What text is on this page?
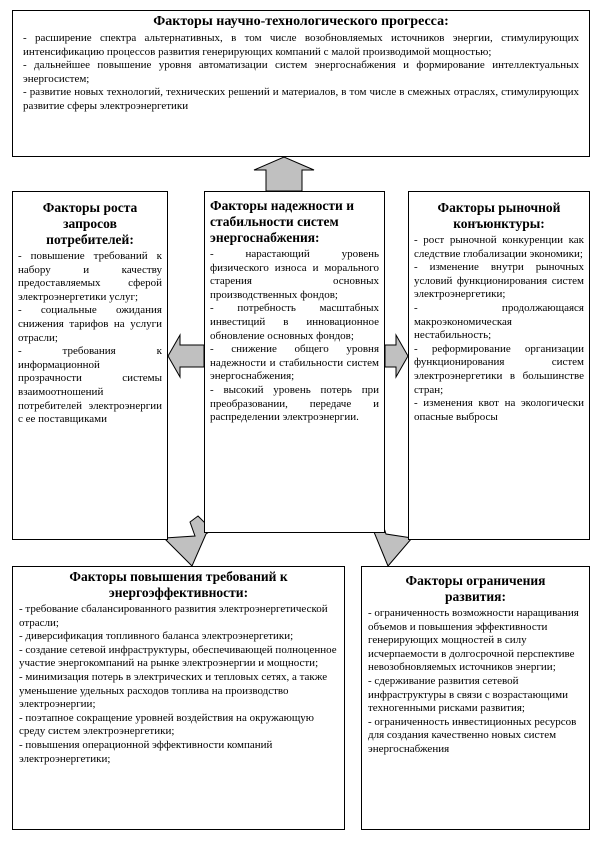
Факторы научно-технологического прогресса:
- расширение спектра альтернативных, в том числе возобновляемых источников энергии, стимулирующих интенсификацию процессов развития генерирующих компаний с малой производимой мощностью;
- дальнейшее повышение уровня автоматизации систем энергоснабжения и формирование интеллектуальных энергосистем;
- развитие новых технологий, технических решений и материалов, в том числе в смежных отраслях, стимулирующих развитие сферы электроэнергетики
Факторы роста запросов потребителей:
- повышение требований к набору и качеству предоставляемых сферой электроэнергетики услуг;
- социальные ожидания снижения тарифов на услуги отрасли;
- требования к информационной прозрачности системы взаимоотношений потребителей электроэнергии с ее поставщиками
Факторы надежности и стабильности систем энергоснабжения:
- нарастающий уровень физического износа и морального старения основных производственных фондов;
- потребность масштабных инвестиций в инновационное обновление основных фондов;
- снижение общего уровня надежности и стабильности систем энергоснабжения;
- высокий уровень потерь при преобразовании, передаче и распределении электроэнергии.
Факторы рыночной конъюнктуры:
- рост рыночной конкуренции как следствие глобализации экономики;
- изменение внутри рыночных условий функционирования систем электроэнергетики;
- продолжающаяся макроэкономическая нестабильность;
- реформирование организации функционирования систем электроэнергетики в большинстве стран;
- изменения квот на экологически опасные выбросы
Факторы повышения требований к энергоэффективности:
- требование сбалансированного развития электроэнергетической отрасли;
- диверсификация топливного баланса электроэнергетики;
- создание сетевой инфраструктуры, обеспечивающей полноценное участие энергокомпаний на рынке электроэнергии и мощности;
- минимизация потерь в электрических и тепловых сетях, а также уменьшение удельных расходов топлива на производство электроэнергии;
- поэтапное сокращение уровней воздействия на окружающую среду систем электроэнергетики;
- повышения операционной эффективности компаний электроэнергетики;
Факторы ограничения развития:
- ограниченность возможности наращивания объемов и повышения эффективности генерирующих мощностей в силу исчерпаемости в долгосрочной перспективе невозобновляемых источников энергии;
- сдерживание развития сетевой инфраструктуры в связи с возрастающими техногенными рисками развития;
- ограниченность инвестиционных ресурсов для создания качественно новых систем энергоснабжения
